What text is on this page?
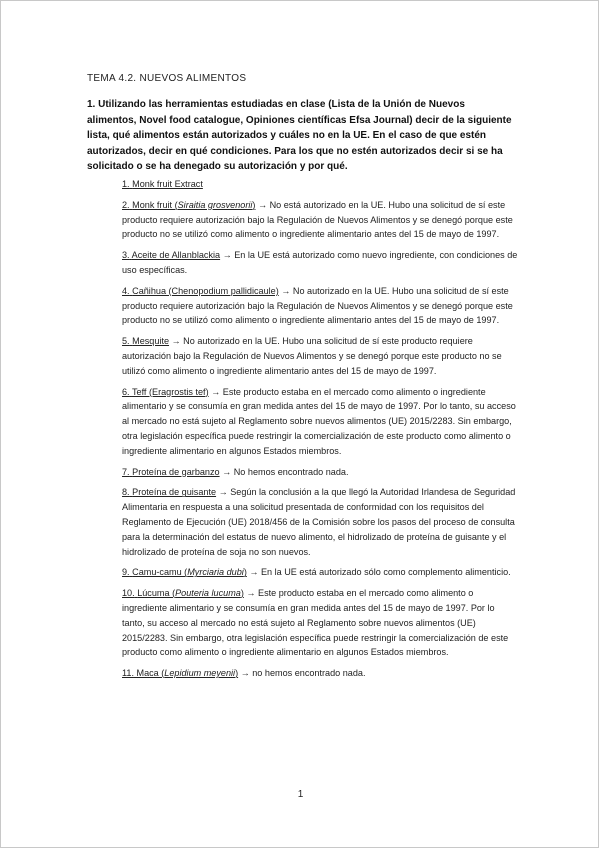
TEMA 4.2. NUEVOS ALIMENTOS
1. Utilizando las herramientas estudiadas en clase (Lista de la Unión de Nuevos alimentos, Novel food catalogue, Opiniones científicas Efsa Journal) decir de la siguiente lista, qué alimentos están autorizados y cuáles no en la UE. En el caso de que estén autorizados, decir en qué condiciones. Para los que no estén autorizados decir si se ha solicitado o se ha denegado su autorización y por qué.
1. Monk fruit Extract
2. Monk fruit (Siraitia grosvenorii) → No está autorizado en la UE. Hubo una solicitud de sí este producto requiere autorización bajo la Regulación de Nuevos Alimentos y se denegó porque este producto no se utilizó como alimento o ingrediente alimentario antes del 15 de mayo de 1997.
3. Aceite de Allanblackia → En la UE está autorizado como nuevo ingrediente, con condiciones de uso específicas.
4. Cañihua (Chenopodium pallidicaule) → No autorizado en la UE. Hubo una solicitud de sí este producto requiere autorización bajo la Regulación de Nuevos Alimentos y se denegó porque este producto no se utilizó como alimento o ingrediente alimentario antes del 15 de mayo de 1997.
5. Mesquite → No autorizado en la UE. Hubo una solicitud de sí este producto requiere autorización bajo la Regulación de Nuevos Alimentos y se denegó porque este producto no se utilizó como alimento o ingrediente alimentario antes del 15 de mayo de 1997.
6. Teff (Eragrostis tef) → Este producto estaba en el mercado como alimento o ingrediente alimentario y se consumía en gran medida antes del 15 de mayo de 1997. Por lo tanto, su acceso al mercado no está sujeto al Reglamento sobre nuevos alimentos (UE) 2015/2283. Sin embargo, otra legislación específica puede restringir la comercialización de este producto como alimento o ingrediente alimentario en algunos Estados miembros.
7. Proteína de garbanzo → No hemos encontrado nada.
8. Proteína de guisante → Según la conclusión a la que llegó la Autoridad Irlandesa de Seguridad Alimentaria en respuesta a una solicitud presentada de conformidad con los requisitos del Reglamento de Ejecución (UE) 2018/456 de la Comisión sobre los pasos del proceso de consulta para la determinación del estatus de nuevo alimento, el hidrolizado de proteína de guisante y el hidrolizado de proteína de soja no son nuevos.
9. Camu-camu (Myrciaria dubi) → En la UE está autorizado sólo como complemento alimenticio.
10. Lúcuma (Pouteria lucuma) → Este producto estaba en el mercado como alimento o ingrediente alimentario y se consumía en gran medida antes del 15 de mayo de 1997. Por lo tanto, su acceso al mercado no está sujeto al Reglamento sobre nuevos alimentos (UE) 2015/2283. Sin embargo, otra legislación específica puede restringir la comercialización de este producto como alimento o ingrediente alimentario en algunos Estados miembros.
11. Maca (Lepidium meyenii) → no hemos encontrado nada.
1
